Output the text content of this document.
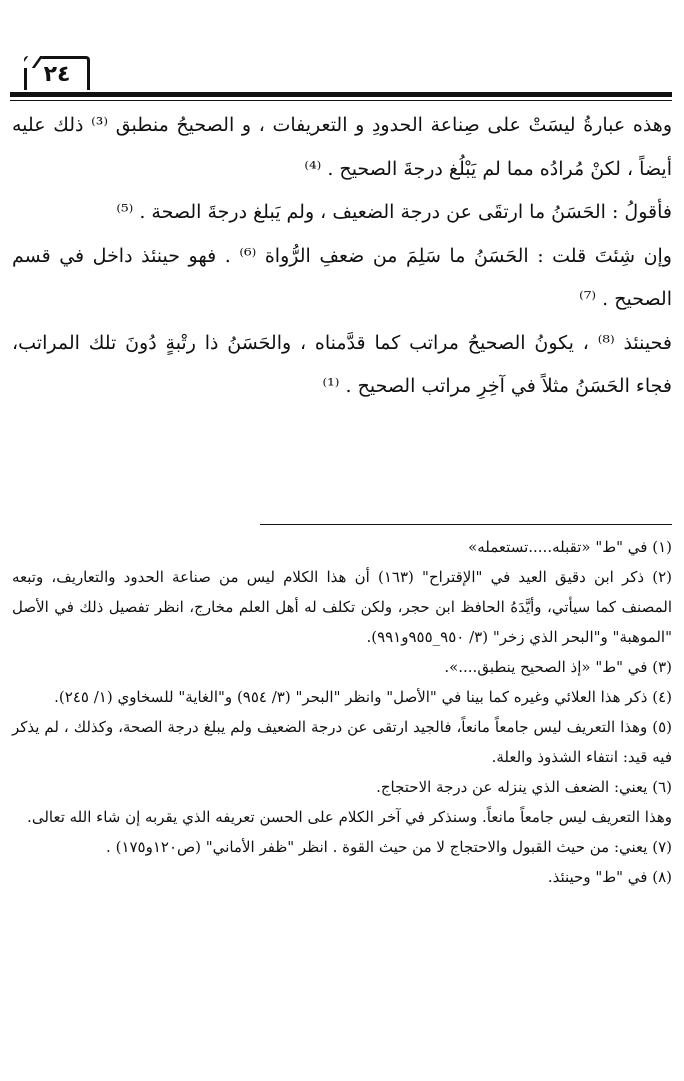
٢٤

وهذه عبارةُ ليسَتْ على صِناعة الحدودِ و التعريفات ، و الصحيحُ منطبق ⁽³⁾ ذلك عليه أيضاً ، لكنْ مُرادُه مما لم يَبْلُغ درجةَ الصحيح . ⁽⁴⁾

فأقولُ : الحَسَنُ ما ارتقَى عن درجة الضعيف ، ولم يَبلغ درجةَ الصحة . ⁽⁵⁾

وإن شِئتَ قلت : الحَسَنُ ما سَلِمَ من ضعفِ الرُّواة ⁽⁶⁾ . فهو حينئذ داخل في قسم الصحيح . ⁽⁷⁾

فحينئذ ⁽⁸⁾ ، يكونُ الصحيحُ مراتب كما قدَّمناه ، والحَسَنُ ذا رتْبةٍ دُونَ تلك المراتب، فجاء الحَسَنُ مثلاً في آخِرِ مراتب الصحيح . ⁽¹⁾

(١) في "ط" «تقبله.....تستعمله»

(٢) ذكر ابن دقيق العيد في "الإقتراح" (١٦٣) أن هذا الكلام ليس من صناعة الحدود والتعاريف، وتبعه المصنف كما سيأتي، وأيَّدَهُ الحافظ ابن حجر، ولكن تكلف له أهل العلم مخارج، انظر تفصيل ذلك في الأصل "الموهبة" و"البحر الذي زخر" (٣/ ٩٥٠_٩٥٥و٩٩١).

(٣) في "ط" «إذ الصحيح ينطبق....».

(٤) ذكر هذا العلائي وغيره كما بينا في "الأصل" وانظر "البحر" (٣/ ٩٥٤) و"الغاية" للسخاوي (١/ ٢٤٥).

(٥) وهذا التعريف ليس جامعاً مانعاً، فالجيد ارتقى عن درجة الضعيف ولم يبلغ درجة الصحة، وكذلك ، لم يذكر فيه قيد: انتفاء الشذوذ والعلة.

(٦) يعني: الضعف الذي ينزله عن درجة الاحتجاج.

وهذا التعريف ليس جامعاً مانعاً. وسنذكر في آخر الكلام على الحسن تعريفه الذي يقربه إن شاء الله تعالى.

(٧) يعني: من حيث القبول والاحتجاج لا من حيث القوة . انظر "ظفر الأماني" (ص١٢٠و١٧٥) .

(٨) في "ط" وحينئذ.
